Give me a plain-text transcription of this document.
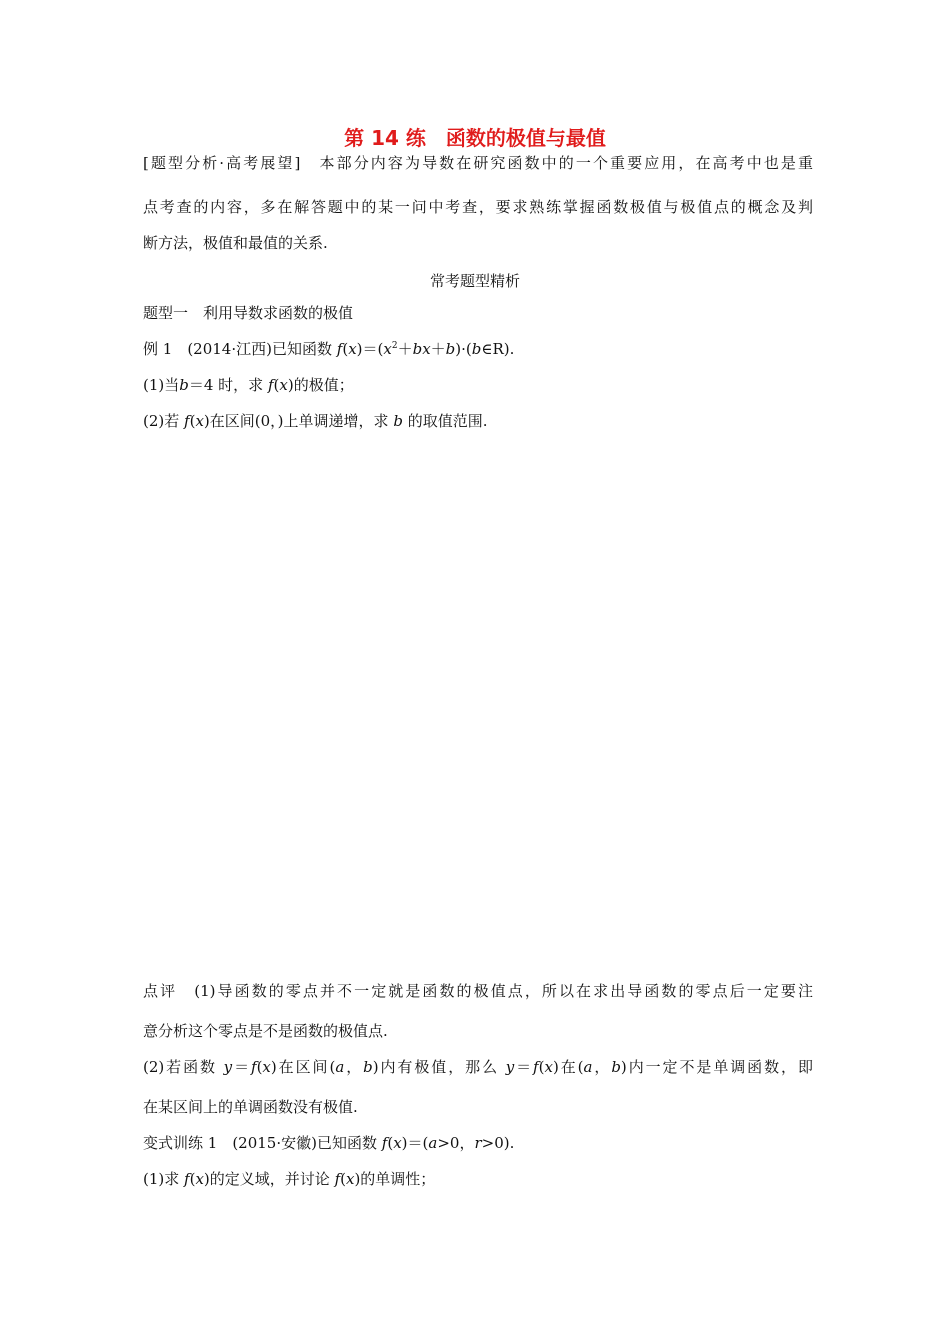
第 14 练　函数的极值与最值
[题型分析·高考展望]　 本部分内容为导数在研究函数中的一个重要应用，在高考中也是重
点考查的内容，多在解答题中的某一问中考查，要求熟练掌握函数极值与极值点的概念及判
断方法，极值和最值的关系.
常考题型精析
题型一　利用导数求函数的极值
例 1　 (2014·江西)已知函数 $f(x)=(x^2+bx+b)\cdot(b\in R)$.
(1)当b＝4 时，求 f(x)的极值；
(2)若 f(x)在区间(0，)上单调递增，求 b 的取值范围.
点评　 (1)导函数的零点并不一定就是函数的极值点，所以在求出导函数的零点后一定要注
意分析这个零点是不是函数的极值点.
(2)若函数 y＝f(x)在区间(a，b)内有极值，那么 y＝f(x)在(a，b)内一定不是单调函数，即
在某区间上的单调函数没有极值.
变式训练 1　 (2015·安徽)已知函数 f(x)＝(a>0，r>0).
(1)求 f(x)的定义域，并讨论 f(x)的单调性；
